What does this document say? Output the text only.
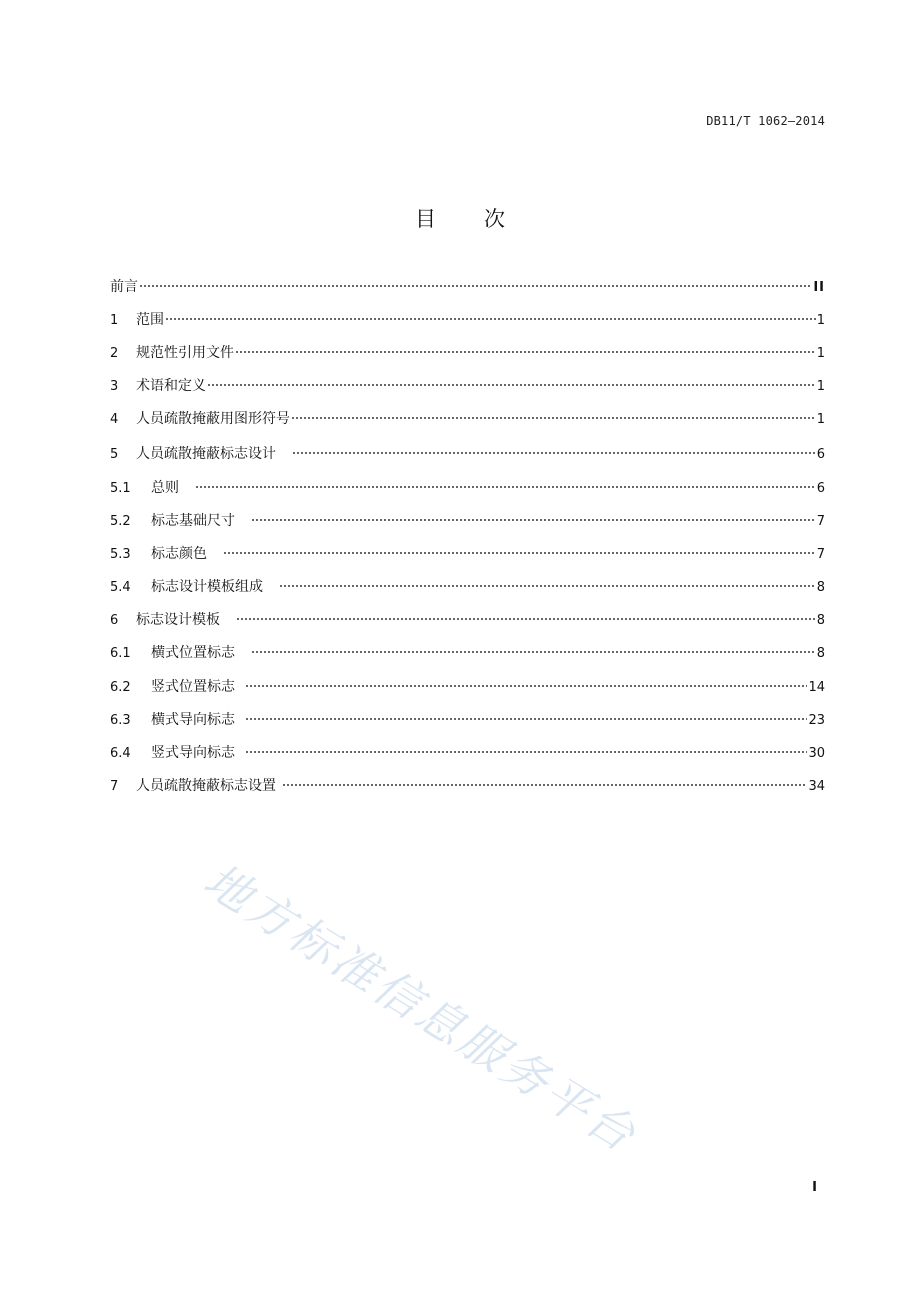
DB11/T 1062—2014
目 次
前言	II
1	范围	1
2	规范性引用文件	1
3	术语和定义	1
4	人员疏散掩蔽用图形符号	1
5	人员疏散掩蔽标志设计	6
5.1	总则	6
5.2	标志基础尺寸	7
5.3	标志颜色	7
5.4	标志设计模板组成	8
6	标志设计模板	8
6.1	横式位置标志	8
6.2	竖式位置标志	14
6.3	横式导向标志	23
6.4	竖式导向标志	30
7	人员疏散掩蔽标志设置	34
地方标准信息服务平台
I
